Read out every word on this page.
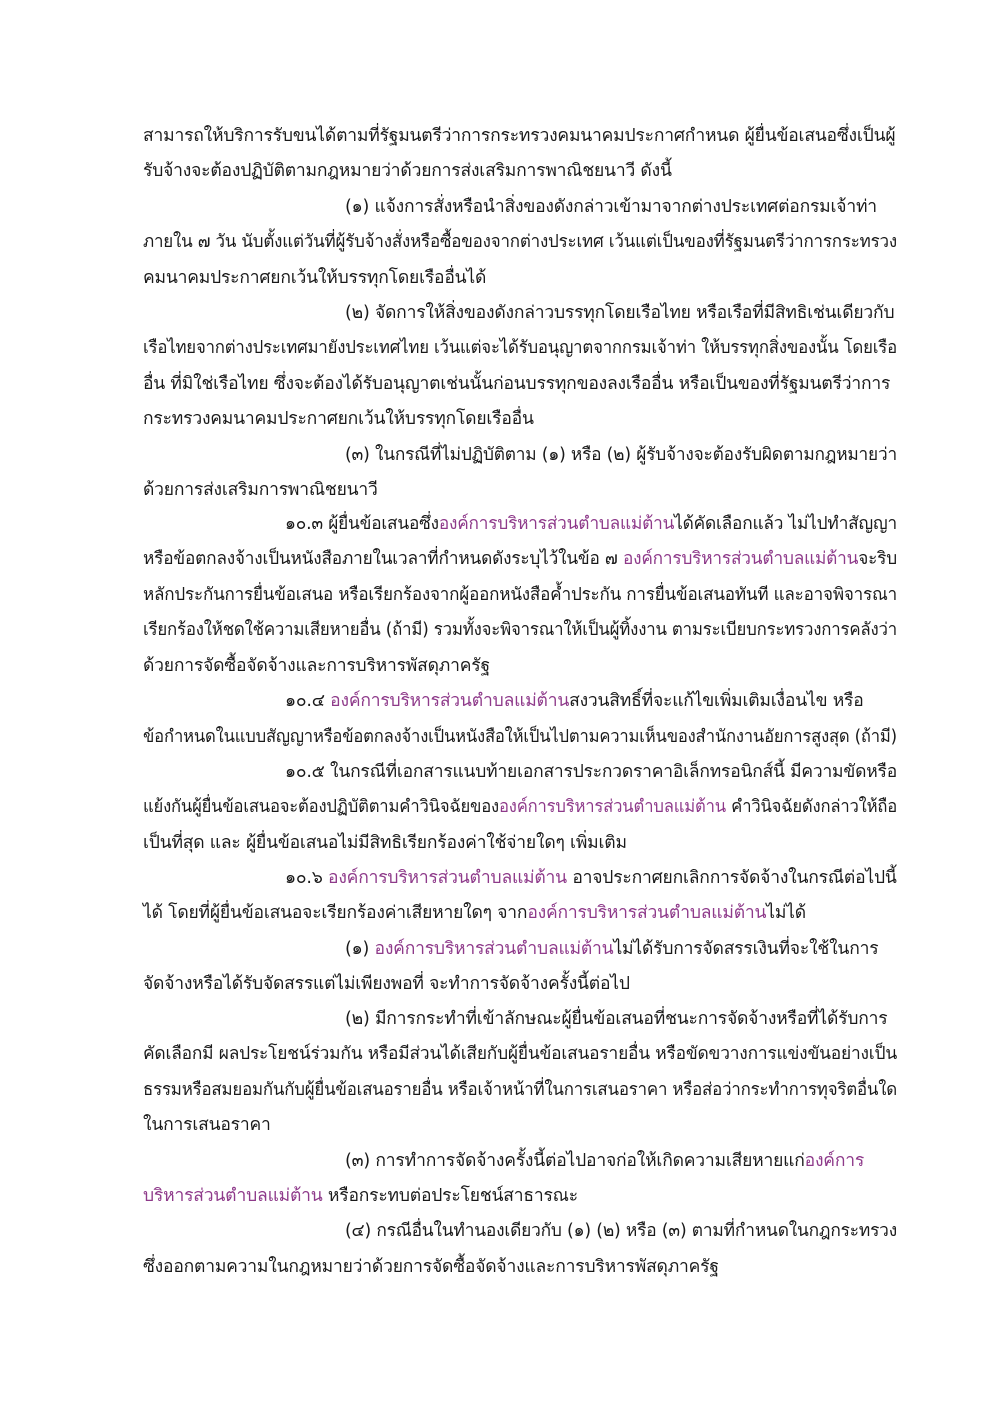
สามารถให้บริการรับขนได้ตามที่รัฐมนตรีว่าการกระทรวงคมนาคมประกาศกำหนด ผู้ยื่นข้อเสนอซึ่งเป็นผู้
รับจ้างจะต้องปฏิบัติตามกฎหมายว่าด้วยการส่งเสริมการพาณิชยนาวี ดังนี้
(๑) แจ้งการสั่งหรือนำสิ่งของดังกล่าวเข้ามาจากต่างประเทศต่อกรมเจ้าท่า
ภายใน ๗ วัน นับตั้งแต่วันที่ผู้รับจ้างสั่งหรือซื้อของจากต่างประเทศ เว้นแต่เป็นของที่รัฐมนตรีว่าการกระทรวง
คมนาคมประกาศยกเว้นให้บรรทุกโดยเรืออื่นได้
(๒) จัดการให้สิ่งของดังกล่าวบรรทุกโดยเรือไทย หรือเรือที่มีสิทธิเช่นเดียวกับ
เรือไทยจากต่างประเทศมายังประเทศไทย เว้นแต่จะได้รับอนุญาตจากกรมเจ้าท่า ให้บรรทุกสิ่งของนั้น โดยเรือ
อื่น ที่มิใช่เรือไทย ซึ่งจะต้องได้รับอนุญาตเช่นนั้นก่อนบรรทุกของลงเรืออื่น หรือเป็นของที่รัฐมนตรีว่าการ
กระทรวงคมนาคมประกาศยกเว้นให้บรรทุกโดยเรืออื่น
(๓) ในกรณีที่ไม่ปฏิบัติตาม (๑) หรือ (๒) ผู้รับจ้างจะต้องรับผิดตามกฎหมายว่า
ด้วยการส่งเสริมการพาณิชยนาวี
๑๐.๓ ผู้ยื่นข้อเสนอซึ่งองค์การบริหารส่วนตำบลแม่ต้านได้คัดเลือกแล้ว ไม่ไปทำสัญญา
หรือข้อตกลงจ้างเป็นหนังสือภายในเวลาที่กำหนดดังระบุไว้ในข้อ ๗ องค์การบริหารส่วนตำบลแม่ต้านจะริบ
หลักประกันการยื่นข้อเสนอ หรือเรียกร้องจากผู้ออกหนังสือค้ำประกัน การยื่นข้อเสนอทันที และอาจพิจารณา
เรียกร้องให้ชดใช้ความเสียหายอื่น (ถ้ามี) รวมทั้งจะพิจารณาให้เป็นผู้ทิ้งงาน ตามระเบียบกระทรวงการคลังว่า
ด้วยการจัดซื้อจัดจ้างและการบริหารพัสดุภาครัฐ
๑๐.๔ องค์การบริหารส่วนตำบลแม่ต้านสงวนสิทธิ์ที่จะแก้ไขเพิ่มเติมเงื่อนไข หรือ
ข้อกำหนดในแบบสัญญาหรือข้อตกลงจ้างเป็นหนังสือให้เป็นไปตามความเห็นของสำนักงานอัยการสูงสุด (ถ้ามี)
๑๐.๕ ในกรณีที่เอกสารแนบท้ายเอกสารประกวดราคาอิเล็กทรอนิกส์นี้ มีความขัดหรือ
แย้งกันผู้ยื่นข้อเสนอจะต้องปฏิบัติตามคำวินิจฉัยขององค์การบริหารส่วนตำบลแม่ต้าน คำวินิจฉัยดังกล่าวให้ถือ
เป็นที่สุด และ ผู้ยื่นข้อเสนอไม่มีสิทธิเรียกร้องค่าใช้จ่ายใดๆ เพิ่มเติม
๑๐.๖ องค์การบริหารส่วนตำบลแม่ต้าน อาจประกาศยกเลิกการจัดจ้างในกรณีต่อไปนี้
ได้ โดยที่ผู้ยื่นข้อเสนอจะเรียกร้องค่าเสียหายใดๆ จากองค์การบริหารส่วนตำบลแม่ต้านไม่ได้
(๑) องค์การบริหารส่วนตำบลแม่ต้านไม่ได้รับการจัดสรรเงินที่จะใช้ในการ
จัดจ้างหรือได้รับจัดสรรแต่ไม่เพียงพอที่ จะทำการจัดจ้างครั้งนี้ต่อไป
(๒) มีการกระทำที่เข้าลักษณะผู้ยื่นข้อเสนอที่ชนะการจัดจ้างหรือที่ได้รับการ
คัดเลือกมี ผลประโยชน์ร่วมกัน หรือมีส่วนได้เสียกับผู้ยื่นข้อเสนอรายอื่น หรือขัดขวางการแข่งขันอย่างเป็น
ธรรมหรือสมยอมกันกับผู้ยื่นข้อเสนอรายอื่น หรือเจ้าหน้าที่ในการเสนอราคา หรือส่อว่ากระทำการทุจริตอื่นใด
ในการเสนอราคา
(๓) การทำการจัดจ้างครั้งนี้ต่อไปอาจก่อให้เกิดความเสียหายแก่องค์การ
บริหารส่วนตำบลแม่ต้าน หรือกระทบต่อประโยชน์สาธารณะ
(๔) กรณีอื่นในทำนองเดียวกับ (๑) (๒) หรือ (๓) ตามที่กำหนดในกฎกระทรวง
ซึ่งออกตามความในกฎหมายว่าด้วยการจัดซื้อจัดจ้างและการบริหารพัสดุภาครัฐ
